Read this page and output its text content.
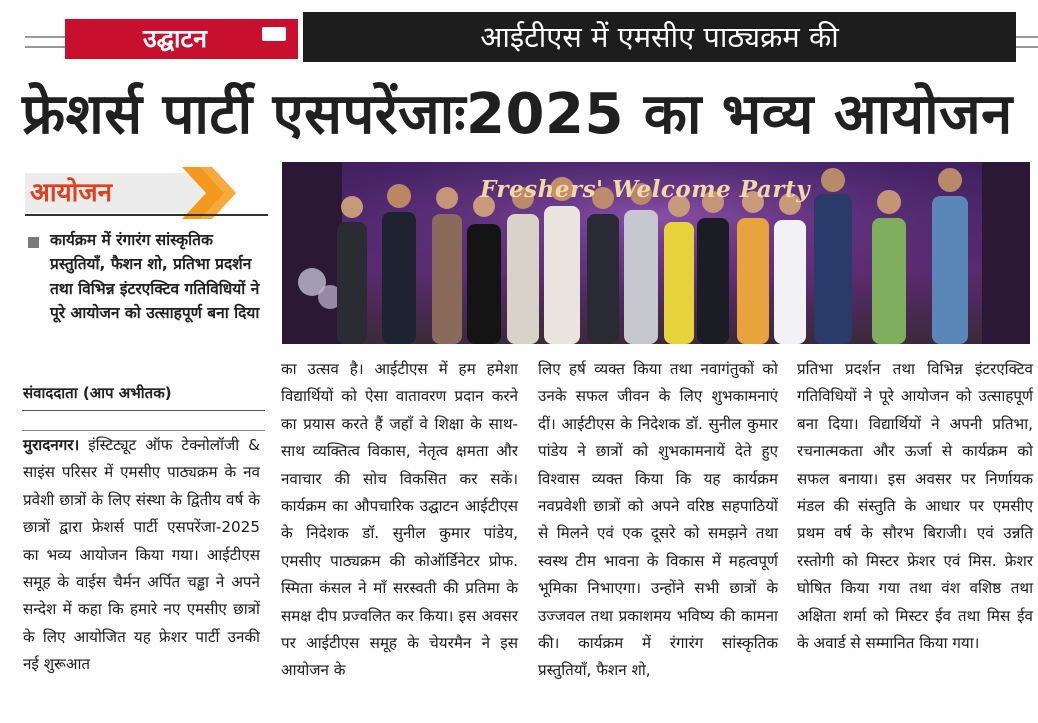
उद्घाटन	आईटीएस में एमसीए पाठ्यक्रम की
फ्रेशर्स पार्टी एसपरेंजाः2025 का भव्य आयोजन
आयोजन
कार्यक्रम में रंगारंग सांस्कृतिक प्रस्तुतियाँ, फैशन शो, प्रतिभा प्रदर्शन तथा विभिन्न इंटरएक्टिव गतिविधियों ने पूरे आयोजन को उत्साहपूर्ण बना दिया
संवाददाता (आप अभीतक)
Freshers' Welcome Party
मुरादनगर। इंस्टिट्यूट ऑफ टेक्नोलॉजी & साइंस परिसर में एमसीए पाठ्यक्रम के नव प्रवेशी छात्रों के लिए संस्था के द्वितीय वर्ष के छात्रों द्वारा फ्रेशर्स पार्टी एसपरेंजा-2025 का भव्य आयोजन किया गया। आईटीएस समूह के वाईस चैर्मन अर्पित चड्ढा ने अपने सन्देश में कहा कि हमारे नए एमसीए छात्रों के लिए आयोजित यह फ्रेशर पार्टी उनकी नई शुरूआत
का उत्सव है। आईटीएस में हम हमेशा विद्यार्थियों को ऐसा वातावरण प्रदान करने का प्रयास करते हैं जहाँ वे शिक्षा के साथ-साथ व्यक्तित्व विकास, नेतृत्व क्षमता और नवाचार की सोच विकसित कर सकें। कार्यक्रम का औपचारिक उद्घाटन आईटीएस के निदेशक डॉ. सुनील कुमार पांडेय, एमसीए पाठ्यक्रम की कोऑर्डिनेटर प्रोफ. स्मिता कंसल ने माँ सरस्वती की प्रतिमा के समक्ष दीप प्रज्वलित कर किया। इस अवसर पर आईटीएस समूह के चेयरमैन ने इस आयोजन के
लिए हर्ष व्यक्त किया तथा नवागंतुकों को उनके सफल जीवन के लिए शुभकामनाएं दीं। आईटीएस के निदेशक डॉ. सुनील कुमार पांडेय ने छात्रों को शुभकामनायें देते हुए विश्वास व्यक्त किया कि यह कार्यक्रम नवप्रवेशी छात्रों को अपने वरिष्ठ सहपाठियों से मिलने एवं एक दूसरे को समझने तथा स्वस्थ टीम भावना के विकास में महत्वपूर्ण भूमिका निभाएगा। उन्होंने सभी छात्रों के उज्जवल तथा प्रकाशमय भविष्य की कामना की। कार्यक्रम में रंगारंग सांस्कृतिक प्रस्तुतियाँ, फैशन शो,
प्रतिभा प्रदर्शन तथा विभिन्न इंटरएक्टिव गतिविधियों ने पूरे आयोजन को उत्साहपूर्ण बना दिया। विद्यार्थियों ने अपनी प्रतिभा, रचनात्मकता और ऊर्जा से कार्यक्रम को सफल बनाया। इस अवसर पर निर्णायक मंडल की संस्तुति के आधार पर एमसीए प्रथम वर्ष के सौरभ बिराजी। एवं उन्नति रस्तोगी को मिस्टर फ्रेशर एवं मिस. फ्रेशर घोषित किया गया तथा वंश वशिष्ठ तथा अक्षिता शर्मा को मिस्टर ईव तथा मिस ईव के अवार्ड से सम्मानित किया गया।
